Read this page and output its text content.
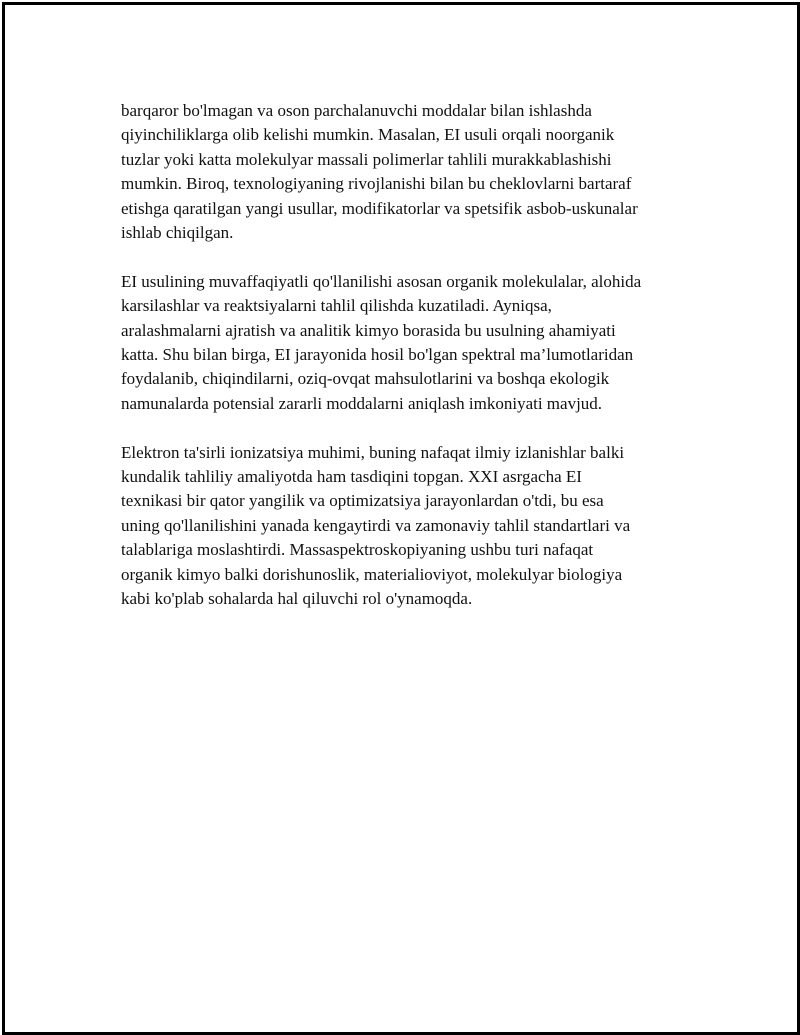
barqaror bo'lmagan va oson parchalanuvchi moddalar bilan ishlashda
qiyinchiliklarga olib kelishi mumkin. Masalan, EI usuli orqali noorganik
tuzlar yoki katta molekulyar massali polimerlar tahlili murakkablashishi
mumkin. Biroq, texnologiyaning rivojlanishi bilan bu cheklovlarni bartaraf
etishga qaratilgan yangi usullar, modifikatorlar va spetsifik asbob-uskunalar
ishlab chiqilgan.

EI usulining muvaffaqiyatli qo'llanilishi asosan organik molekulalar, alohida
karsilashlar va reaktsiyalarni tahlil qilishda kuzatiladi. Ayniqsa,
aralashmalarni ajratish va analitik kimyo borasida bu usulning ahamiyati
katta. Shu bilan birga, EI jarayonida hosil bo'lgan spektral ma’lumotlaridan
foydalanib, chiqindilarni, oziq-ovqat mahsulotlarini va boshqa ekologik
namunalarda potensial zararli moddalarni aniqlash imkoniyati mavjud.

Elektron ta'sirli ionizatsiya muhimi, buning nafaqat ilmiy izlanishlar balki
kundalik tahliliy amaliyotda ham tasdiqini topgan. XXI asrgacha EI
texnikasi bir qator yangilik va optimizatsiya jarayonlardan o'tdi, bu esa
uning qo'llanilishini yanada kengaytirdi va zamonaviy tahlil standartlari va
talablariga moslashtirdi. Massaspektroskopiyaning ushbu turi nafaqat
organik kimyo balki dorishunoslik, materialioviyot, molekulyar biologiya
kabi ko'plab sohalarda hal qiluvchi rol o'ynamoqda.
